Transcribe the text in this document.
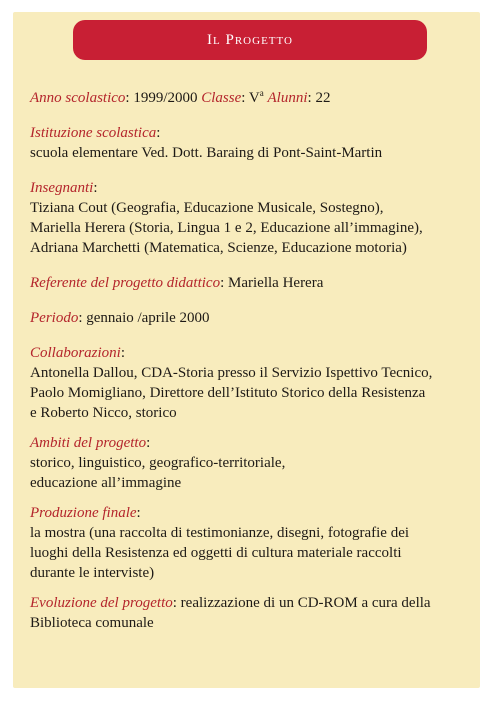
Il Progetto

Anno scolastico: 1999/2000 Classe: $V^a$ Alunni: 22

Istituzione scolastica:

scuola elementare Ved. Dott. Baraing di Pont-Saint-Martin

Insegnanti:

Tiziana Cout (Geografia, Educazione Musicale, Sostegno),

Mariella Herera (Storia, Lingua 1 e 2, Educazione all’immagine),

Adriana Marchetti (Matematica, Scienze, Educazione motoria)

Referente del progetto didattico: Mariella Herera

Periodo: gennaio /aprile 2000

Collaborazioni:

Antonella Dallou, CDA-Storia presso il Servizio Ispettivo Tecnico,

Paolo Momigliano, Direttore dell’Istituto Storico della Resistenza

e Roberto Nicco, storico

Ambiti del progetto:

storico, linguistico, geografico-territoriale,

educazione all’immagine

Produzione finale:

la mostra (una raccolta di testimonianze, disegni, fotografie dei

luoghi della Resistenza ed oggetti di cultura materiale raccolti

durante le interviste)

Evoluzione del progetto: realizzazione di un CD-ROM a cura della

Biblioteca comunale
